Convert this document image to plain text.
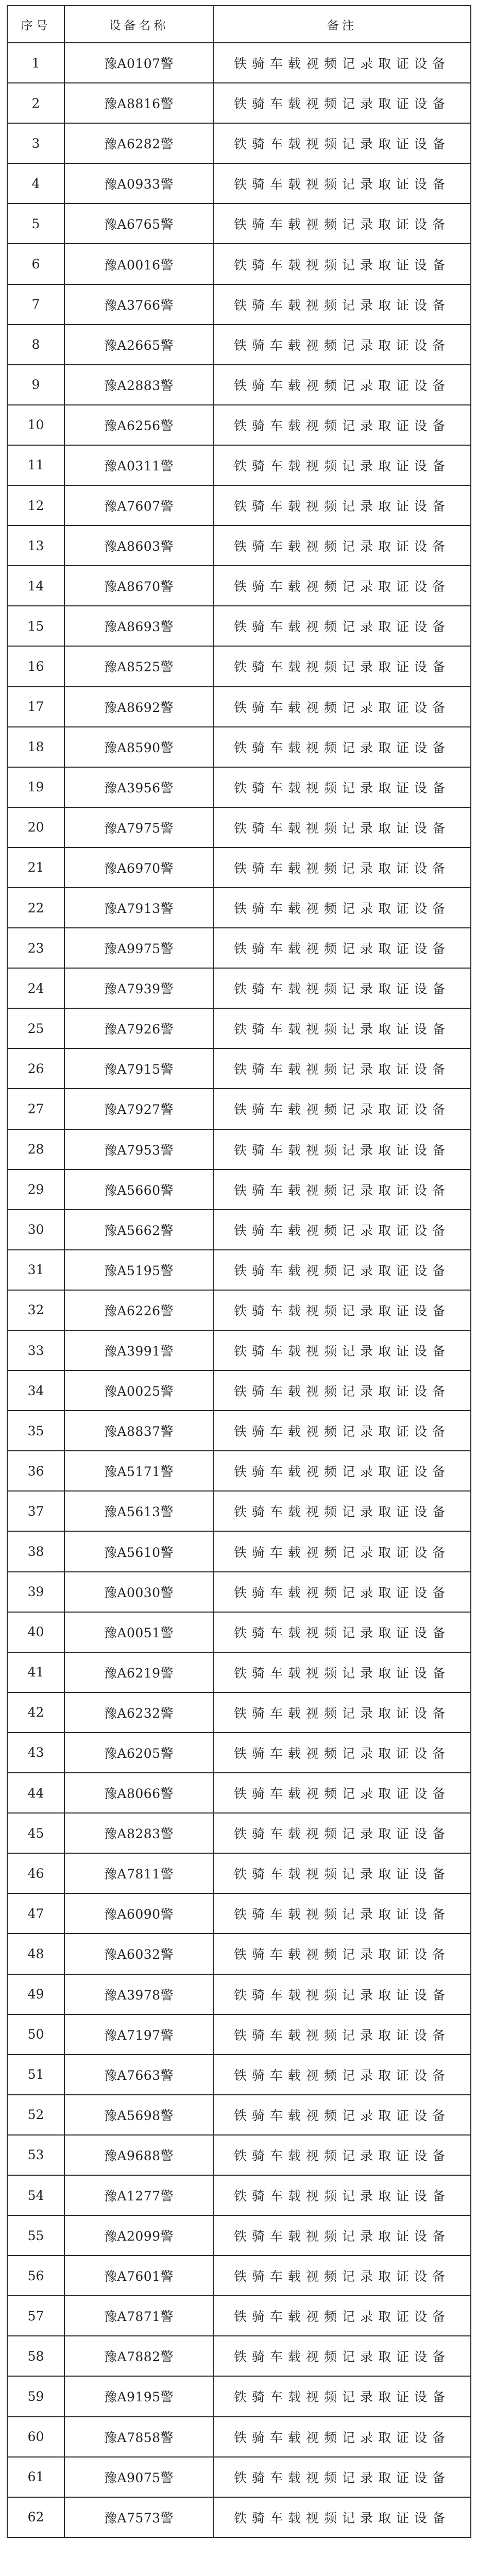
序号	设备名称	备注
1	豫A0107警	铁骑车载视频记录取证设备
2	豫A8816警	铁骑车载视频记录取证设备
3	豫A6282警	铁骑车载视频记录取证设备
4	豫A0933警	铁骑车载视频记录取证设备
5	豫A6765警	铁骑车载视频记录取证设备
6	豫A0016警	铁骑车载视频记录取证设备
7	豫A3766警	铁骑车载视频记录取证设备
8	豫A2665警	铁骑车载视频记录取证设备
9	豫A2883警	铁骑车载视频记录取证设备
10	豫A6256警	铁骑车载视频记录取证设备
11	豫A0311警	铁骑车载视频记录取证设备
12	豫A7607警	铁骑车载视频记录取证设备
13	豫A8603警	铁骑车载视频记录取证设备
14	豫A8670警	铁骑车载视频记录取证设备
15	豫A8693警	铁骑车载视频记录取证设备
16	豫A8525警	铁骑车载视频记录取证设备
17	豫A8692警	铁骑车载视频记录取证设备
18	豫A8590警	铁骑车载视频记录取证设备
19	豫A3956警	铁骑车载视频记录取证设备
20	豫A7975警	铁骑车载视频记录取证设备
21	豫A6970警	铁骑车载视频记录取证设备
22	豫A7913警	铁骑车载视频记录取证设备
23	豫A9975警	铁骑车载视频记录取证设备
24	豫A7939警	铁骑车载视频记录取证设备
25	豫A7926警	铁骑车载视频记录取证设备
26	豫A7915警	铁骑车载视频记录取证设备
27	豫A7927警	铁骑车载视频记录取证设备
28	豫A7953警	铁骑车载视频记录取证设备
29	豫A5660警	铁骑车载视频记录取证设备
30	豫A5662警	铁骑车载视频记录取证设备
31	豫A5195警	铁骑车载视频记录取证设备
32	豫A6226警	铁骑车载视频记录取证设备
33	豫A3991警	铁骑车载视频记录取证设备
34	豫A0025警	铁骑车载视频记录取证设备
35	豫A8837警	铁骑车载视频记录取证设备
36	豫A5171警	铁骑车载视频记录取证设备
37	豫A5613警	铁骑车载视频记录取证设备
38	豫A5610警	铁骑车载视频记录取证设备
39	豫A0030警	铁骑车载视频记录取证设备
40	豫A0051警	铁骑车载视频记录取证设备
41	豫A6219警	铁骑车载视频记录取证设备
42	豫A6232警	铁骑车载视频记录取证设备
43	豫A6205警	铁骑车载视频记录取证设备
44	豫A8066警	铁骑车载视频记录取证设备
45	豫A8283警	铁骑车载视频记录取证设备
46	豫A7811警	铁骑车载视频记录取证设备
47	豫A6090警	铁骑车载视频记录取证设备
48	豫A6032警	铁骑车载视频记录取证设备
49	豫A3978警	铁骑车载视频记录取证设备
50	豫A7197警	铁骑车载视频记录取证设备
51	豫A7663警	铁骑车载视频记录取证设备
52	豫A5698警	铁骑车载视频记录取证设备
53	豫A9688警	铁骑车载视频记录取证设备
54	豫A1277警	铁骑车载视频记录取证设备
55	豫A2099警	铁骑车载视频记录取证设备
56	豫A7601警	铁骑车载视频记录取证设备
57	豫A7871警	铁骑车载视频记录取证设备
58	豫A7882警	铁骑车载视频记录取证设备
59	豫A9195警	铁骑车载视频记录取证设备
60	豫A7858警	铁骑车载视频记录取证设备
61	豫A9075警	铁骑车载视频记录取证设备
62	豫A7573警	铁骑车载视频记录取证设备
